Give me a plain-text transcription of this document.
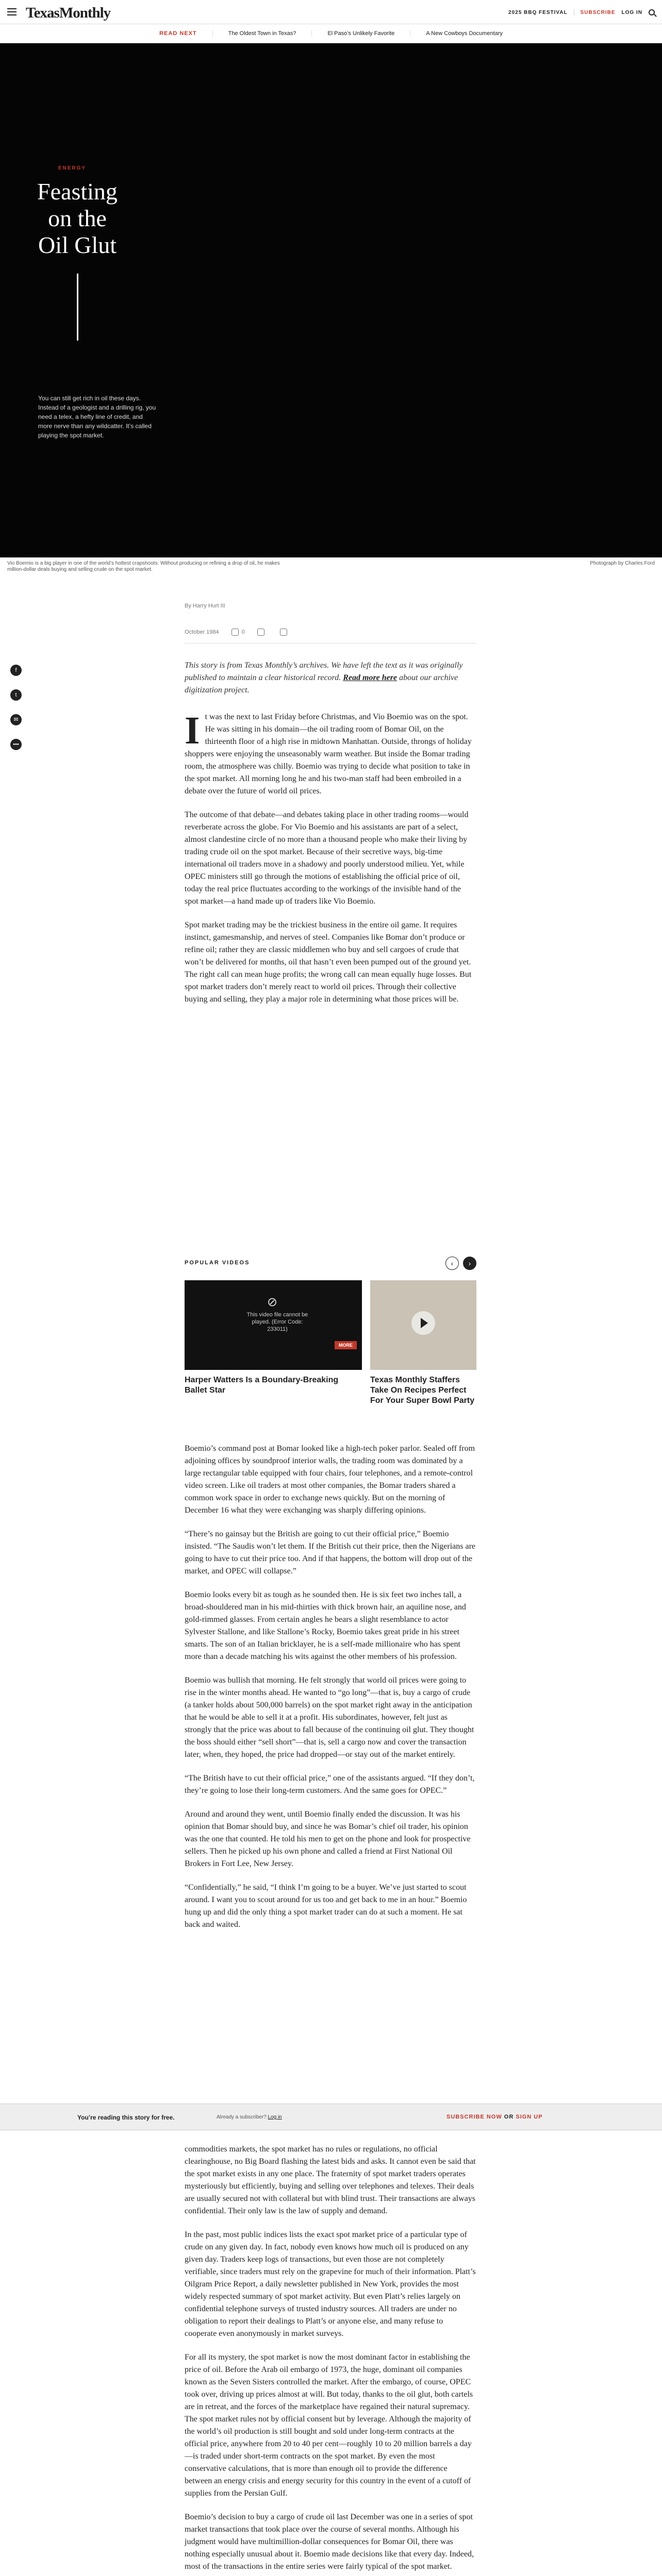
TexasMonthly	2025 BBQ FESTIVAL	SUBSCRIBE LOG IN
READ NEXT	The Oldest Town in Texas?	El Paso’s Unlikely Favorite	A New Cowboys Documentary
ENERGY
Feasting on the Oil Glut
You can still get rich in oil these days. Instead of a geologist and a drilling rig, you need a telex, a hefty line of credit, and more nerve than any wildcatter. It’s called playing the spot market.
Vio Boemio is a big player in one of the world’s hottest crapshoots: Without producing or refining a drop of oil, he makes million-dollar deals buying and selling crude on the spot market.
Photograph by Charles Ford
By Harry Hurt III
October 1984	0
f
t
✉
•••
This story is from Texas Monthly’s archives. We have left the text as it was originally published to maintain a clear historical record. Read more here about our archive digitization project.

It was the next to last Friday before Christmas, and Vio Boemio was on the spot. He was sitting in his domain—the oil trading room of Bomar Oil, on the thirteenth floor of a high rise in midtown Manhattan. Outside, throngs of holiday shoppers were enjoying the unseasonably warm weather. But inside the Bomar trading room, the atmosphere was chilly. Boemio was trying to decide what position to take in the spot market. All morning long he and his two-man staff had been embroiled in a debate over the future of world oil prices.

The outcome of that debate—and debates taking place in other trading rooms—would reverberate across the globe. For Vio Boemio and his assistants are part of a select, almost clandestine circle of no more than a thousand people who make their living by trading crude oil on the spot market. Because of their secretive ways, big-time international oil traders move in a shadowy and poorly understood milieu. Yet, while OPEC ministers still go through the motions of establishing the official price of oil, today the real price fluctuates according to the workings of the invisible hand of the spot market—a hand made up of traders like Vio Boemio.

Spot market trading may be the trickiest business in the entire oil game. It requires instinct, gamesmanship, and nerves of steel. Companies like Bomar don’t produce or refine oil; rather they are classic middlemen who buy and sell cargoes of crude that won’t be delivered for months, oil that hasn’t even been pumped out of the ground yet. The right call can mean huge profits; the wrong call can mean equally huge losses. But spot market traders don’t merely react to world oil prices. Through their collective buying and selling, they play a major role in determining what those prices will be.

POPULAR VIDEOS	‹	›
⊘
This video file cannot be played. (Error Code: 233011)
MORE
Harper Watters Is a Boundary-Breaking Ballet Star
Texas Monthly Staffers Take On Recipes Perfect For Your Super Bowl Party

Boemio’s command post at Bomar looked like a high-tech poker parlor. Sealed off from adjoining offices by soundproof interior walls, the trading room was dominated by a large rectangular table equipped with four chairs, four telephones, and a remote-control video screen. Like oil traders at most other companies, the Bomar traders shared a common work space in order to exchange news quickly. But on the morning of December 16 what they were exchanging was sharply differing opinions.

“There’s no gainsay but the British are going to cut their official price,” Boemio insisted. “The Saudis won’t let them. If the British cut their price, then the Nigerians are going to have to cut their price too. And if that happens, the bottom will drop out of the market, and OPEC will collapse.”

Boemio looks every bit as tough as he sounded then. He is six feet two inches tall, a broad-shouldered man in his mid-thirties with thick brown hair, an aquiline nose, and gold-rimmed glasses. From certain angles he bears a slight resemblance to actor Sylvester Stallone, and like Stallone’s Rocky, Boemio takes great pride in his street smarts. The son of an Italian bricklayer, he is a self-made millionaire who has spent more than a decade matching his wits against the other members of his profession.

Boemio was bullish that morning. He felt strongly that world oil prices were going to rise in the winter months ahead. He wanted to “go long”—that is, buy a cargo of crude (a tanker holds about 500,000 barrels) on the spot market right away in the anticipation that he would be able to sell it at a profit. His subordinates, however, felt just as strongly that the price was about to fall because of the continuing oil glut. They thought the boss should either “sell short”—that is, sell a cargo now and cover the transaction later, when, they hoped, the price had dropped—or stay out of the market entirely.

“The British have to cut their official price,” one of the assistants argued. “If they don’t, they’re going to lose their long-term customers. And the same goes for OPEC.”

Around and around they went, until Boemio finally ended the discussion. It was his opinion that Bomar should buy, and since he was Bomar’s chief oil trader, his opinion was the one that counted. He told his men to get on the phone and look for prospective sellers. Then he picked up his own phone and called a friend at First National Oil Brokers in Fort Lee, New Jersey.

“Confidentially,” he said, “I think I’m going to be a buyer. We’ve just started to scout around. I want you to scout around for us too and get back to me in an hour.” Boemio hung up and did the only thing a spot market trader can do at such a moment. He sat back and waited.

You’re reading this story for free.	Already a subscriber? Log in	SUBSCRIBE NOW OR SIGN UP

commodities markets, the spot market has no rules or regulations, no official clearinghouse, no Big Board flashing the latest bids and asks. It cannot even be said that the spot market exists in any one place. The fraternity of spot market traders operates mysteriously but efficiently, buying and selling over telephones and telexes. Their deals are usually secured not with collateral but with blind trust. Their transactions are always confidential. Their only law is the law of supply and demand.

In the past, most public indices lists the exact spot market price of a particular type of crude on any given day. In fact, nobody even knows how much oil is produced on any given day. Traders keep logs of transactions, but even those are not completely verifiable, since traders must rely on the grapevine for much of their information. Platt’s Oilgram Price Report, a daily newsletter published in New York, provides the most widely respected summary of spot market activity. But even Platt’s relies largely on confidential telephone surveys of trusted industry sources. All traders are under no obligation to report their dealings to Platt’s or anyone else, and many refuse to cooperate even anonymously in market surveys.

For all its mystery, the spot market is now the most dominant factor in establishing the price of oil. Before the Arab oil embargo of 1973, the huge, dominant oil companies known as the Seven Sisters controlled the market. After the embargo, of course, OPEC took over, driving up prices almost at will. But today, thanks to the oil glut, both cartels are in retreat, and the forces of the marketplace have regained their natural supremacy. The spot market rules not by official consent but by leverage. Although the majority of the world’s oil production is still bought and sold under long-term contracts at the official price, anywhere from 20 to 40 per cent—roughly 10 to 20 million barrels a day—is traded under short-term contracts on the spot market. By even the most conservative calculations, that is more than enough oil to provide the difference between an energy crisis and energy security for this country in the event of a cutoff of supplies from the Persian Gulf.

Boemio’s decision to buy a cargo of crude oil last December was one in a series of spot market transactions that took place over the course of several months. Although his judgment would have multimillion-dollar consequences for Bomar Oil, there was nothing especially unusual about it. Boemio made decisions like that every day. Indeed, most of the transactions in the entire series were fairly typical of the spot market.
